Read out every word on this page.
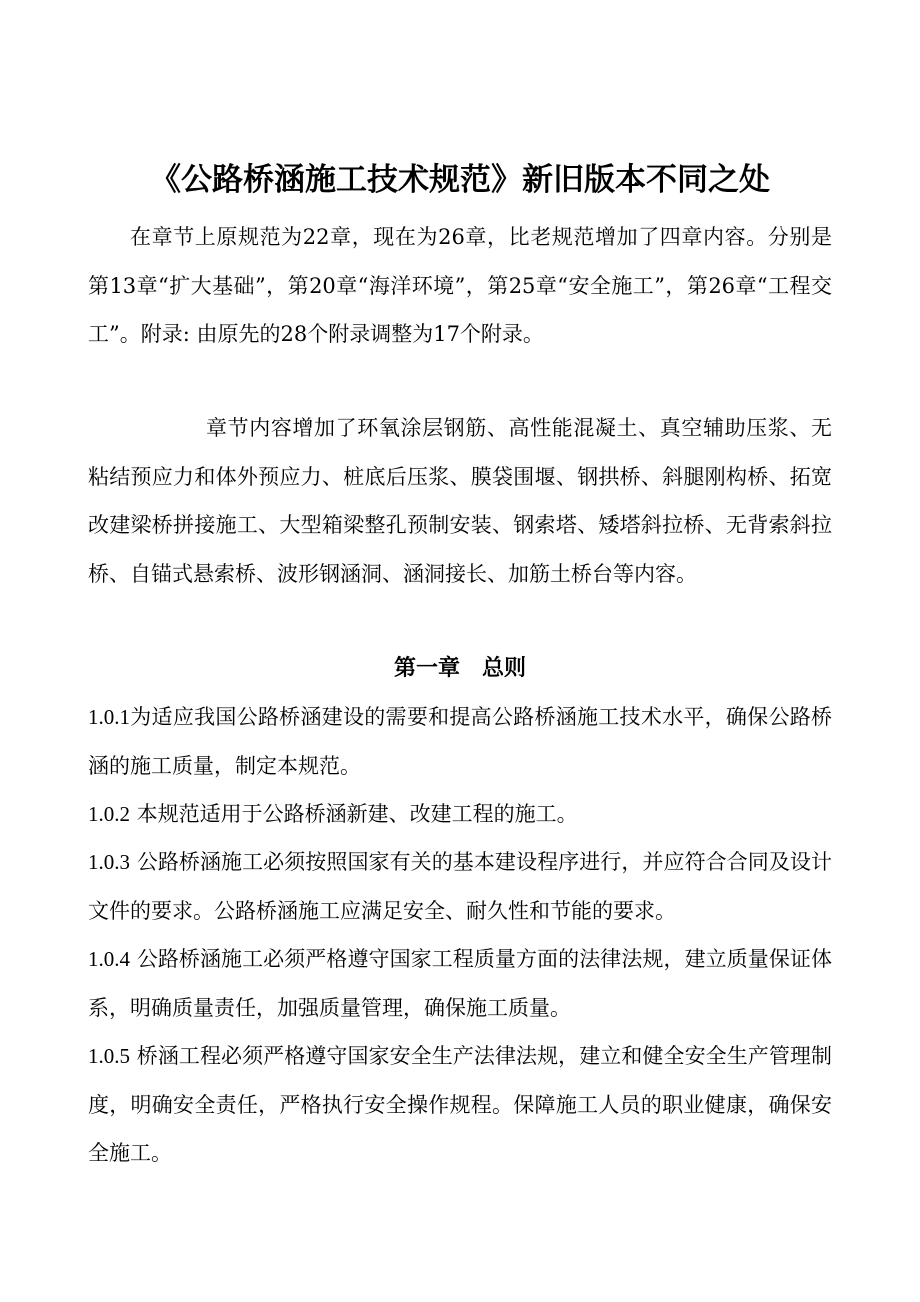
《公路桥涵施工技术规范》新旧版本不同之处

在章节上原规范为22章，现在为26章，比老规范增加了四章内容。分别是第13章“扩大基础”，第20章“海洋环境”，第25章“安全施工”，第26章“工程交工”。附录: 由原先的28个附录调整为17个附录。

章节内容增加了环氧涂层钢筋、高性能混凝土、真空辅助压浆、无粘结预应力和体外预应力、桩底后压浆、膜袋围堰、钢拱桥、斜腿刚构桥、拓宽改建梁桥拼接施工、大型箱梁整孔预制安装、钢索塔、矮塔斜拉桥、无背索斜拉桥、自锚式悬索桥、波形钢涵洞、涵洞接长、加筋土桥台等内容。

第一章　总则

1.0.1为适应我国公路桥涵建设的需要和提高公路桥涵施工技术水平，确保公路桥涵的施工质量，制定本规范。

1.0.2 本规范适用于公路桥涵新建、改建工程的施工。

1.0.3 公路桥涵施工必须按照国家有关的基本建设程序进行，并应符合合同及设计文件的要求。公路桥涵施工应满足安全、耐久性和节能的要求。

1.0.4 公路桥涵施工必须严格遵守国家工程质量方面的法律法规，建立质量保证体系，明确质量责任，加强质量管理，确保施工质量。

1.0.5 桥涵工程必须严格遵守国家安全生产法律法规，建立和健全安全生产管理制度，明确安全责任，严格执行安全操作规程。保障施工人员的职业健康，确保安全施工。
